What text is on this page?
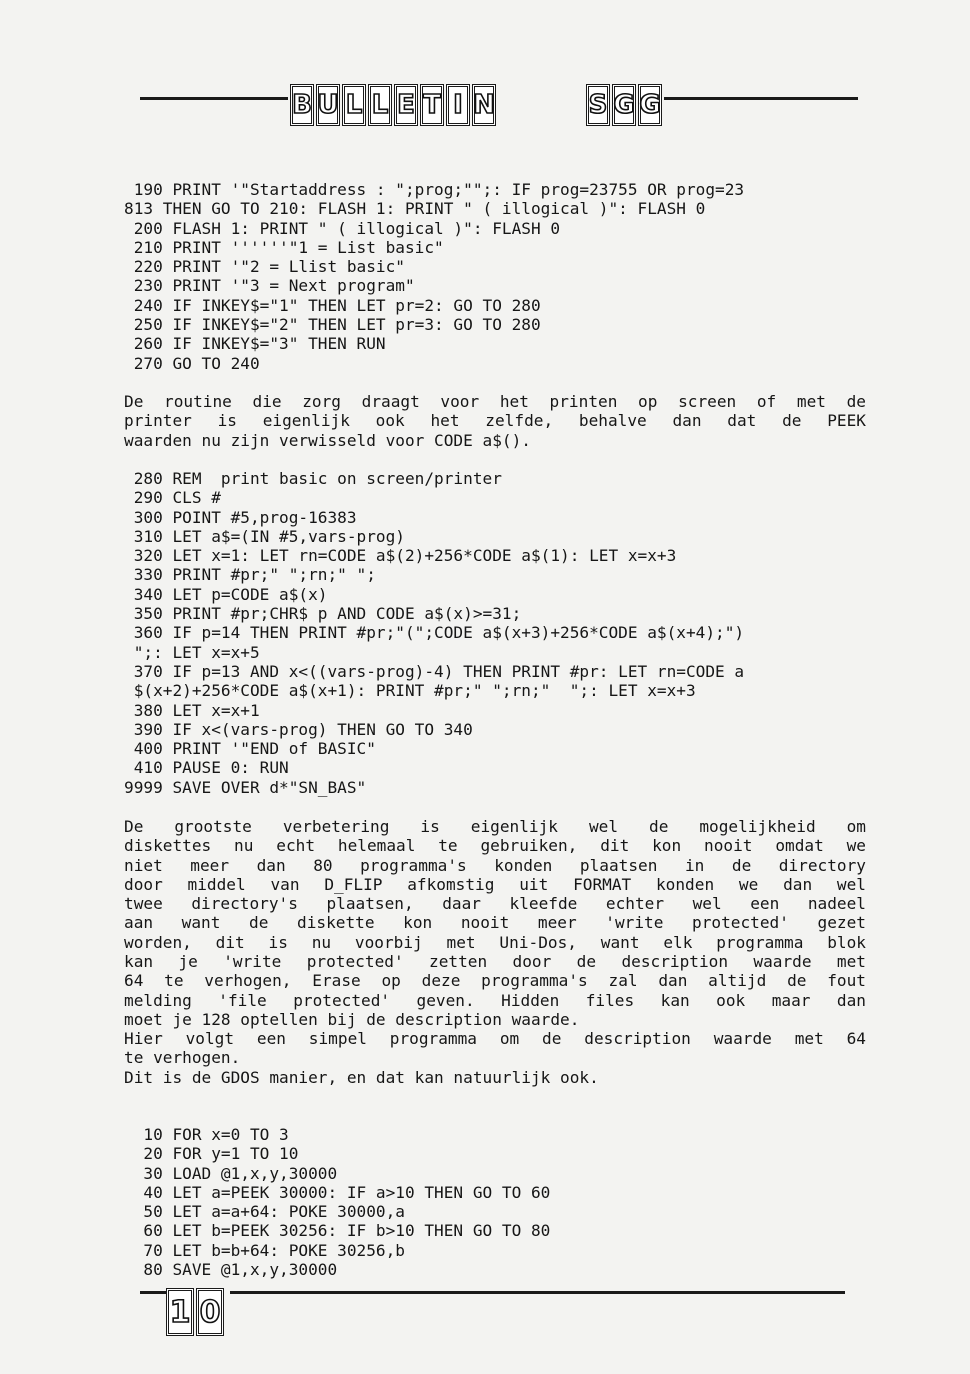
B U L L E T I N	S G G
190 PRINT '"Startaddress : ";prog;"";: IF prog=23755 OR prog=23
813 THEN GO TO 210: FLASH 1: PRINT " ( illogical )": FLASH 0
200 FLASH 1: PRINT " ( illogical )": FLASH 0
210 PRINT ''''''"1 = List basic"
220 PRINT '"2 = Llist basic"
230 PRINT '"3 = Next program"
240 IF INKEY$="1" THEN LET pr=2: GO TO 280
250 IF INKEY$="2" THEN LET pr=3: GO TO 280
260 IF INKEY$="3" THEN RUN
270 GO TO 240

De routine die zorg draagt voor het printen op screen of met de
printer is eigenlijk ook het zelfde, behalve dan dat de PEEK
waarden nu zijn verwisseld voor CODE a$().

280 REM  print basic on screen/printer
290 CLS #
300 POINT #5,prog-16383
310 LET a$=(IN #5,vars-prog)
320 LET x=1: LET rn=CODE a$(2)+256*CODE a$(1): LET x=x+3
330 PRINT #pr;" ";rn;" ";
340 LET p=CODE a$(x)
350 PRINT #pr;CHR$ p AND CODE a$(x)>=31;
360 IF p=14 THEN PRINT #pr;"(";CODE a$(x+3)+256*CODE a$(x+4);")
";: LET x=x+5
370 IF p=13 AND x<((vars-prog)-4) THEN PRINT #pr: LET rn=CODE a
$(x+2)+256*CODE a$(x+1): PRINT #pr;" ";rn;"  ";: LET x=x+3
380 LET x=x+1
390 IF x<(vars-prog) THEN GO TO 340
400 PRINT '"END of BASIC"
410 PAUSE 0: RUN
9999 SAVE OVER d*"SN_BAS"

De grootste verbetering is eigenlijk wel de mogelijkheid om
diskettes nu echt helemaal te gebruiken, dit kon nooit omdat we
niet meer dan 80 programma's konden plaatsen in de directory
door middel van D_FLIP afkomstig uit FORMAT konden we dan wel
twee directory's plaatsen, daar kleefde echter wel een nadeel
aan want de diskette kon nooit meer 'write protected' gezet
worden, dit is nu voorbij met Uni-Dos, want elk programma blok
kan je 'write protected' zetten door de description waarde met
64 te verhogen, Erase op deze programma's zal dan altijd de fout
melding 'file protected' geven. Hidden files kan ook maar dan
moet je 128 optellen bij de description waarde.

Hier volgt een simpel programma om de description waarde met 64
te verhogen.

Dit is de GDOS manier, en dat kan natuurlijk ook.

10 FOR x=0 TO 3
20 FOR y=1 TO 10
30 LOAD @1,x,y,30000
40 LET a=PEEK 30000: IF a>10 THEN GO TO 60
50 LET a=a+64: POKE 30000,a
60 LET b=PEEK 30256: IF b>10 THEN GO TO 80
70 LET b=b+64: POKE 30256,b
80 SAVE @1,x,y,30000
1 0
